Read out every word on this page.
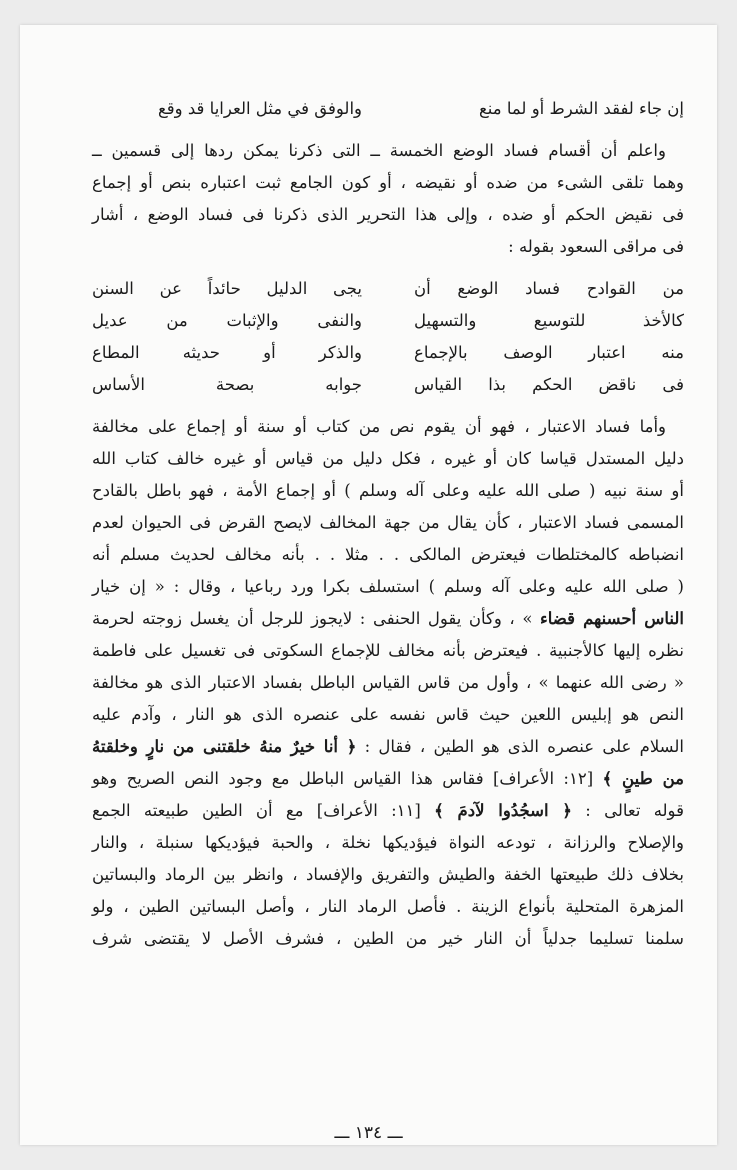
إن جاء لفقد الشرط أو لما منع
والوفق في مثل العرايا قد وقع
واعلم أن أقسام فساد الوضع الخمسة ــ التى ذكرنا يمكن ردها إلى قسمين ــ
وهما تلقى الشىء من ضده أو نقيضه ، أو كون الجامع ثبت اعتباره بنص أو إجماع
فى نقيض الحكم أو ضده ، وإلى هذا التحرير الذى ذكرنا فى فساد الوضع ، أشار
فى مراقى السعود بقوله :
من القوادح فساد الوضع أن
يجى الدليل حائداً عن السنن
كالأخذ للتوسيع والتسهيل
والنفى والإثبات من عديل
منه اعتبار الوصف بالإجماع
والذكر أو حديثه المطاع
فى ناقض الحكم بذا القياس
جوابه بصحة الأساس
وأما فساد الاعتبار ، فهو أن يقوم نص من كتاب أو سنة أو إجماع على مخالفة
دليل المستدل قياسا كان أو غيره ، فكل دليل من قياس أو غيره خالف كتاب الله
أو سنة نبيه ( صلى الله عليه وعلى آله وسلم ) أو إجماع الأمة ، فهو باطل بالقادح
المسمى فساد الاعتبار ، كأن يقال من جهة المخالف لايصح القرض فى الحيوان لعدم
انضباطه كالمختلطات فيعترض المالكى . . مثلا . . بأنه مخالف لحديث مسلم أنه
( صلى الله عليه وعلى آله وسلم ) استسلف بكرا ورد رباعيا ، وقال : « إن خيار
الناس أحسنهم قضاء » ، وكأن يقول الحنفى : لايجوز للرجل أن يغسل زوجته لحرمة
نظره إليها كالأجنبية . فيعترض بأنه مخالف للإجماع السكوتى فى تغسيل على فاطمة
« رضى الله عنهما » ، وأول من قاس القياس الباطل بفساد الاعتبار الذى هو مخالفة
النص هو إبليس اللعين حيث قاس نفسه على عنصره الذى هو النار ، وآدم عليه
السلام على عنصره الذى هو الطين ، فقال : ﴿ أنا خيرٌ منهُ خلقتنى من نارٍ وخلقتهُ
من طينٍ ﴾ [١٢: الأعراف] فقاس هذا القياس الباطل مع وجود النص الصريح وهو
قوله تعالى : ﴿ اسجُدُوا لآدمَ ﴾ [١١: الأعراف] مع أن الطين طبيعته الجمع
والإصلاح والرزانة ، تودعه النواة فيؤديكها نخلة ، والحبة فيؤديكها سنبلة ، والنار
بخلاف ذلك طبيعتها الخفة والطيش والتفريق والإفساد ، وانظر بين الرماد والبساتين
المزهرة المتحلية بأنواع الزينة . فأصل الرماد النار ، وأصل البساتين الطين ، ولو
سلمنا تسليما جدلياً أن النار خير من الطين ، فشرف الأصل لا يقتضى شرف
ـــ ١٣٤ ـــ
